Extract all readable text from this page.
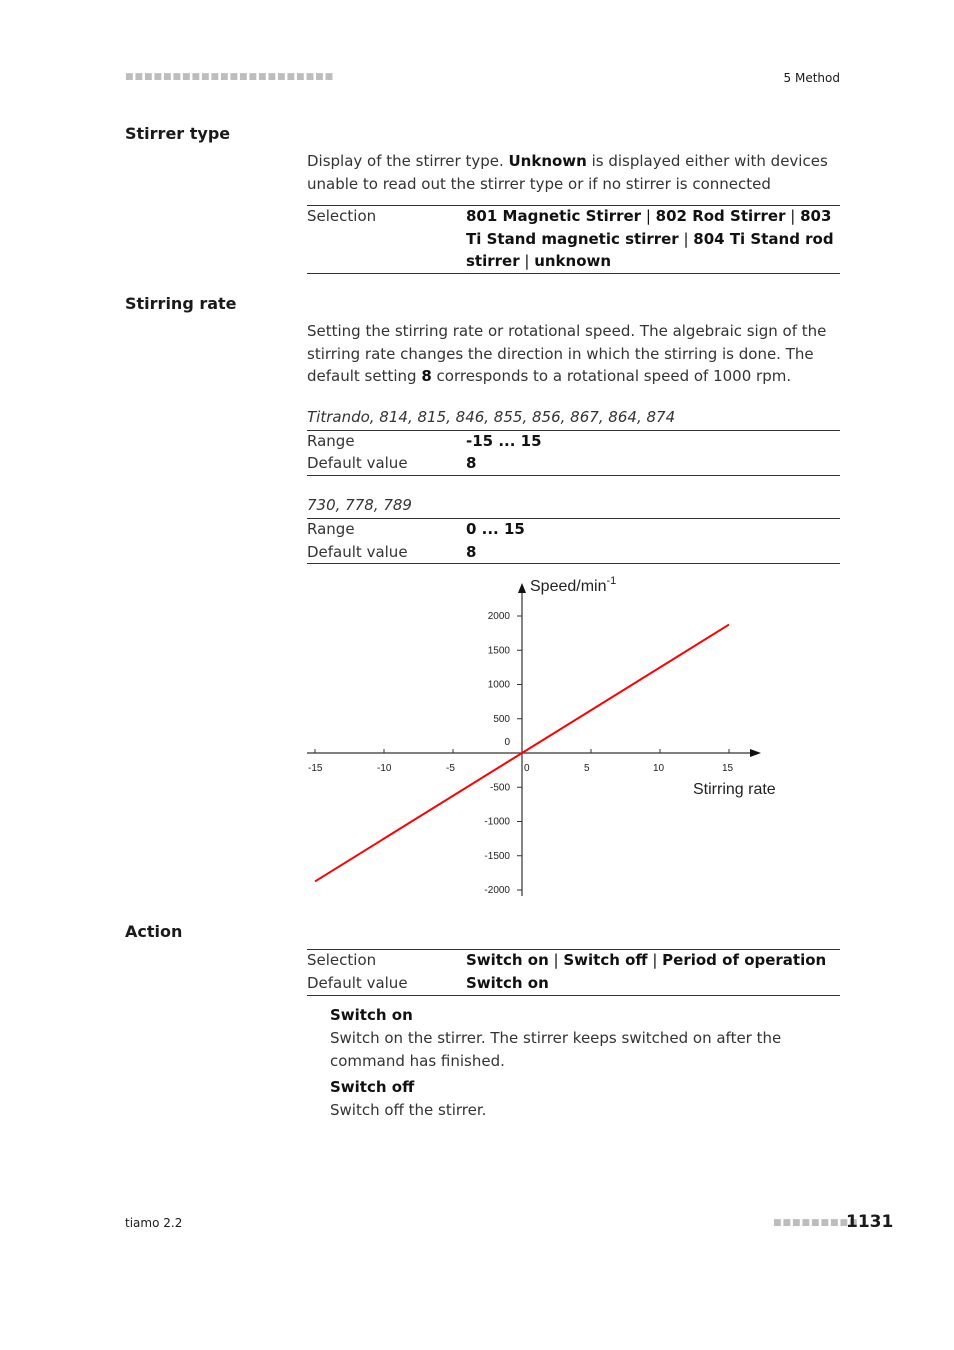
■■■■■■■■■■■■■■■■■■■■■■	5 Method
Stirrer type
Display of the stirrer type. Unknown is displayed either with devices unable to read out the stirrer type or if no stirrer is connected
Selection	801 Magnetic Stirrer | 802 Rod Stirrer | 803 Ti Stand magnetic stirrer | 804 Ti Stand rod stirrer | unknown
Stirring rate
Setting the stirring rate or rotational speed. The algebraic sign of the stirring rate changes the direction in which the stirring is done. The default setting 8 corresponds to a rotational speed of 1000 rpm.
Titrando, 814, 815, 846, 855, 856, 867, 864, 874
Range	-15 ... 15
Default value	8
730, 778, 789
Range	0 ... 15
Default value	8
-15	-10	-5	0	5	10	15
-2000
-1500
-1000
-500
0
500
1000
1500
2000
Speed/$\min^{-1}$
Stirring rate
Action
Selection	Switch on | Switch off | Period of operation
Default value	Switch on
Switch on
Switch on the stirrer. The stirrer keeps switched on after the command has finished.
Switch off
Switch off the stirrer.
tiamo 2.2	■■■■■■■■■
1131
